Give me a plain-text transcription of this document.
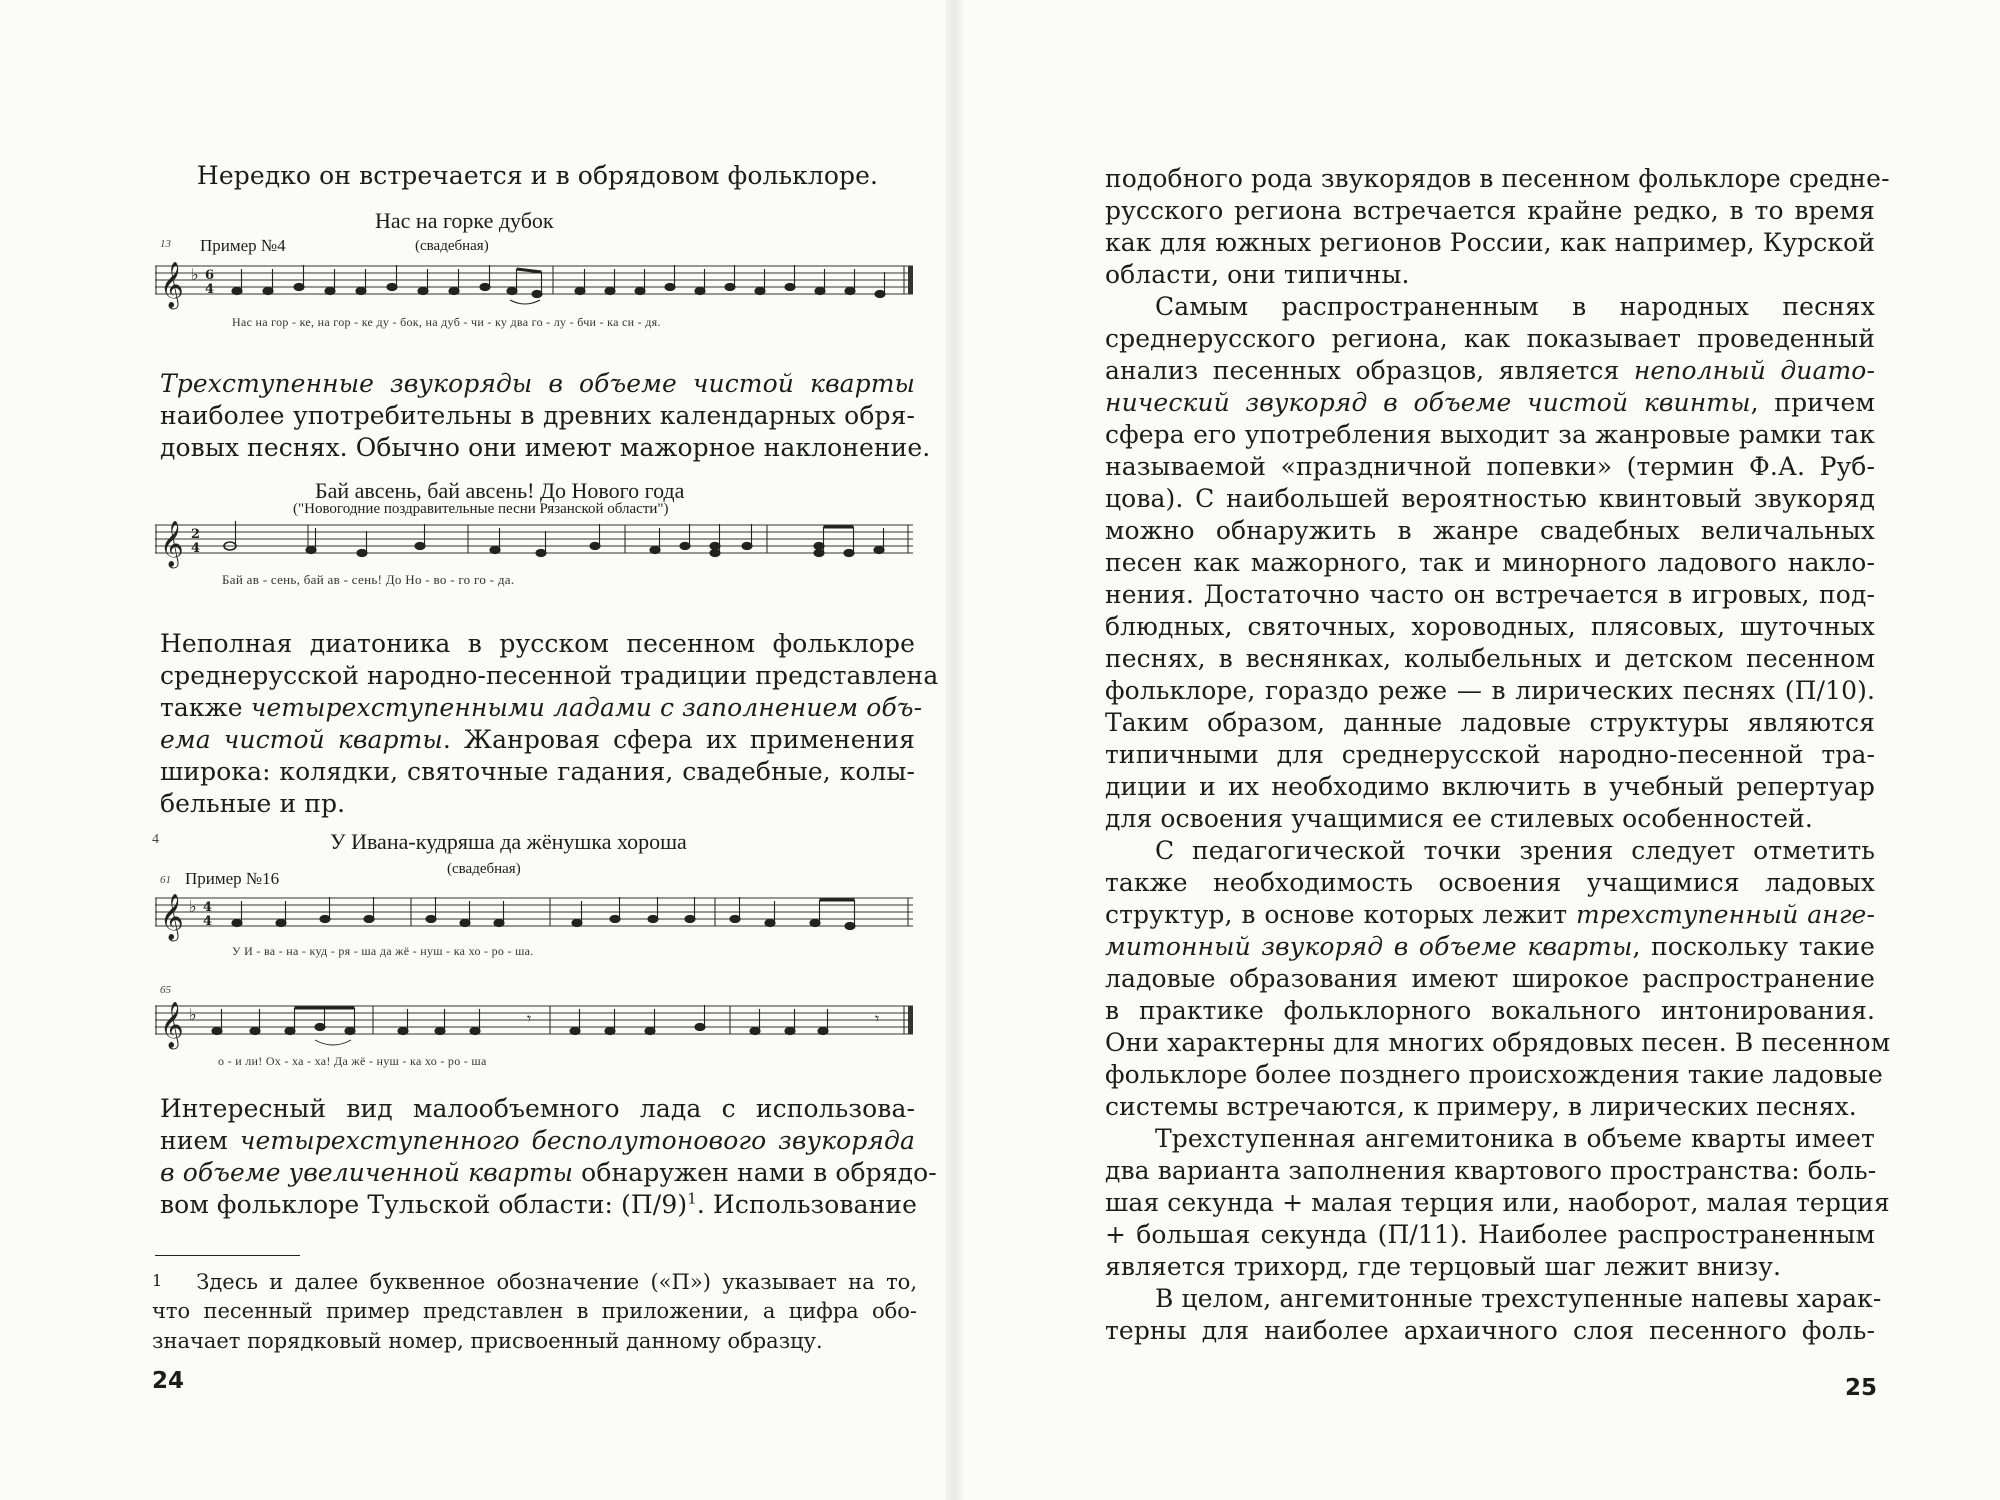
Нередко он встречается и в обрядовом фольклоре.
Нас на горке дубок
13 Пример №4	(свадебная)
𝄞 ♭ 6
4
Нас на гор - ке, на гор - ке ду - бок, на дуб - чи - ку два го - лу - бчи - ка си - дя.
Трехступенные звукоряды в объеме чистой кварты
наиболее употребительны в древних календарных обря-
довых песнях. Обычно они имеют мажорное наклонение.
Бай авсень, бай авсень! До Нового года
("Новогодние поздравительные песни Рязанской области")
𝄞 2
4
Бай ав - сень, бай ав - сень! До Но - во - го го - да.
Неполная диатоника в русском песенном фольклоре
среднерусской народно-песенной традиции представлена
также четырехступенными ладами с заполнением объ-
ема чистой кварты. Жанровая сфера их применения
широка: колядки, святочные гадания, свадебные, колы-
бельные и пр.
4	У Ивана-кудряша да жёнушка хороша
61 Пример №16	(свадебная)
𝄞 ♭ 4
4
У И - ва - на - куд - ря - ша да жё - нуш - ка хо - ро - ша.
65
𝄞 ♭	𝄾	𝄾
о - и ли! Ох - ха - ха! Да жё - нуш - ка хо - ро - ша
Интересный вид малообъемного лада с использова-
нием четырехступенного бесполутонового звукоряда
в объеме увеличенной кварты обнаружен нами в обрядо-
вом фольклоре Тульской области: $(П/9)^1$. Использование
1 Здесь и далее буквенное обозначение («П») указывает на то,
что песенный пример представлен в приложении, а цифра обо-
значает порядковый номер, присвоенный данному образцу.
24
подобного рода звукорядов в песенном фольклоре средне-
русского региона встречается крайне редко, в то время
как для южных регионов России, как например, Курской
области, они типичны.
Самым распространенным в народных песнях
среднерусского региона, как показывает проведенный
анализ песенных образцов, является неполный диато-
нический звукоряд в объеме чистой квинты, причем
сфера его употребления выходит за жанровые рамки так
называемой «праздничной попевки» (термин Ф.А. Руб-
цова). С наибольшей вероятностью квинтовый звукоряд
можно обнаружить в жанре свадебных величальных
песен как мажорного, так и минорного ладового накло-
нения. Достаточно часто он встречается в игровых, под-
блюдных, святочных, хороводных, плясовых, шуточных
песнях, в веснянках, колыбельных и детском песенном
фольклоре, гораздо реже — в лирических песнях (П/10).
Таким образом, данные ладовые структуры являются
типичными для среднерусской народно-песенной тра-
диции и их необходимо включить в учебный репертуар
для освоения учащимися ее стилевых особенностей.
С педагогической точки зрения следует отметить
также необходимость освоения учащимися ладовых
структур, в основе которых лежит трехступенный анге-
митонный звукоряд в объеме кварты, поскольку такие
ладовые образования имеют широкое распространение
в практике фольклорного вокального интонирования.
Они характерны для многих обрядовых песен. В песенном
фольклоре более позднего происхождения такие ладовые
системы встречаются, к примеру, в лирических песнях.
Трехступенная ангемитоника в объеме кварты имеет
два варианта заполнения квартового пространства: боль-
шая секунда + малая терция или, наоборот, малая терция
+ большая секунда (П/11). Наиболее распространенным
является трихорд, где терцовый шаг лежит внизу.
В целом, ангемитонные трехступенные напевы харак-
терны для наиболее архаичного слоя песенного фоль-
25
